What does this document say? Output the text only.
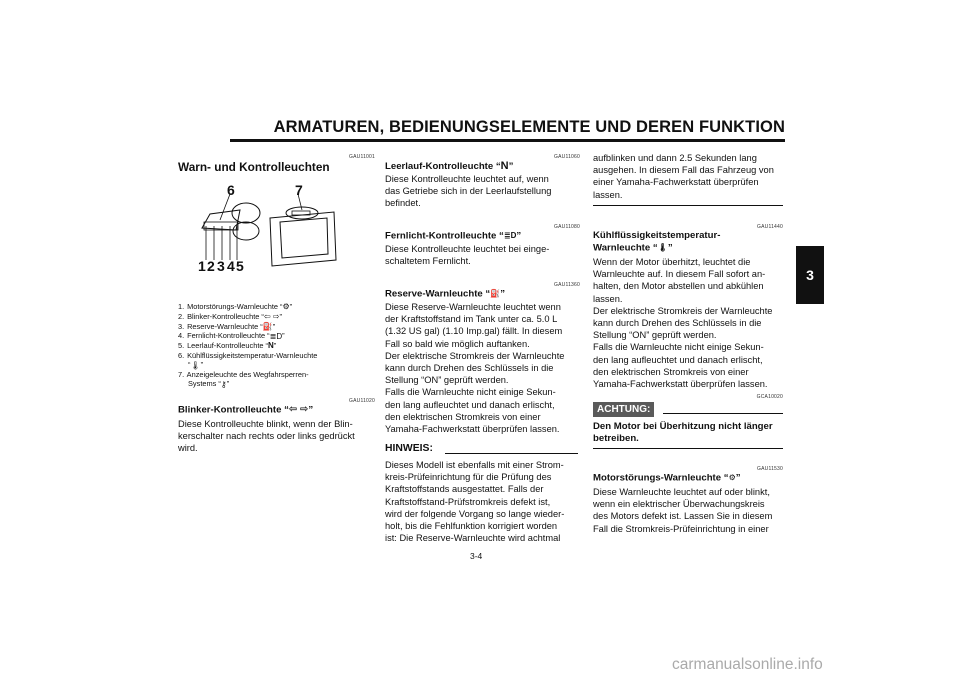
ARMATUREN, BEDIENUNGSELEMENTE UND DEREN FUNKTION
3
GAU11001
Warn- und Kontrolleuchten
6	7
1 2 3 4 5
1. Motorstörungs-Warnleuchte “⚙”
2. Blinker-Kontrolleuchte “⇦ ⇨”
3. Reserve-Warnleuchte “⛽”
4. Fernlicht-Kontrolleuchte “≣D”
5. Leerlauf-Kontrolleuchte “N”
6. Kühlflüssigkeitstemperatur-Warnleuchte
“🌡”
7. Anzeigeleuchte des Wegfahrsperren-
Systems “⚷”
GAU11020
Blinker-Kontrolleuchte “⇦ ⇨”
Diese Kontrolleuchte blinkt, wenn der Blin-
kerschalter nach rechts oder links gedrückt
wird.
GAU11060
Leerlauf-Kontrolleuchte “N”
Diese Kontrolleuchte leuchtet auf, wenn
das Getriebe sich in der Leerlaufstellung
befindet.
GAU11080
Fernlicht-Kontrolleuchte “≣D”
Diese Kontrolleuchte leuchtet bei einge-
schaltetem Fernlicht.
GAU11360
Reserve-Warnleuchte “⛽”
Diese Reserve-Warnleuchte leuchtet wenn
der Kraftstoffstand im Tank unter ca. 5.0 L
(1.32 US gal) (1.10 Imp.gal) fällt. In diesem
Fall so bald wie möglich auftanken.
Der elektrische Stromkreis der Warnleuchte
kann durch Drehen des Schlüssels in die
Stellung “ON” geprüft werden.
Falls die Warnleuchte nicht einige Sekun-
den lang aufleuchtet und danach erlischt,
den elektrischen Stromkreis von einer
Yamaha-Fachwerkstatt überprüfen lassen.
HINWEIS:
Dieses Modell ist ebenfalls mit einer Strom-
kreis-Prüfeinrichtung für die Prüfung des
Kraftstoffstands ausgestattet. Falls der
Kraftstoffstand-Prüfstromkreis defekt ist,
wird der folgende Vorgang so lange wieder-
holt, bis die Fehlfunktion korrigiert worden
ist: Die Reserve-Warnleuchte wird achtmal
aufblinken und dann 2.5 Sekunden lang
ausgehen. In diesem Fall das Fahrzeug von
einer Yamaha-Fachwerkstatt überprüfen
lassen.
GAU11440
Kühlflüssigkeitstemperatur-
Warnleuchte “🌡”
Wenn der Motor überhitzt, leuchtet die
Warnleuchte auf. In diesem Fall sofort an-
halten, den Motor abstellen und abkühlen
lassen.
Der elektrische Stromkreis der Warnleuchte
kann durch Drehen des Schlüssels in die
Stellung “ON” geprüft werden.
Falls die Warnleuchte nicht einige Sekun-
den lang aufleuchtet und danach erlischt,
den elektrischen Stromkreis von einer
Yamaha-Fachwerkstatt überprüfen lassen.
GCA10020
ACHTUNG:
Den Motor bei Überhitzung nicht länger
betreiben.
GAU11530
Motorstörungs-Warnleuchte “⚙”
Diese Warnleuchte leuchtet auf oder blinkt,
wenn ein elektrischer Überwachungskreis
des Motors defekt ist. Lassen Sie in diesem
Fall die Stromkreis-Prüfeinrichtung in einer
3-4
carmanualsonline.info
